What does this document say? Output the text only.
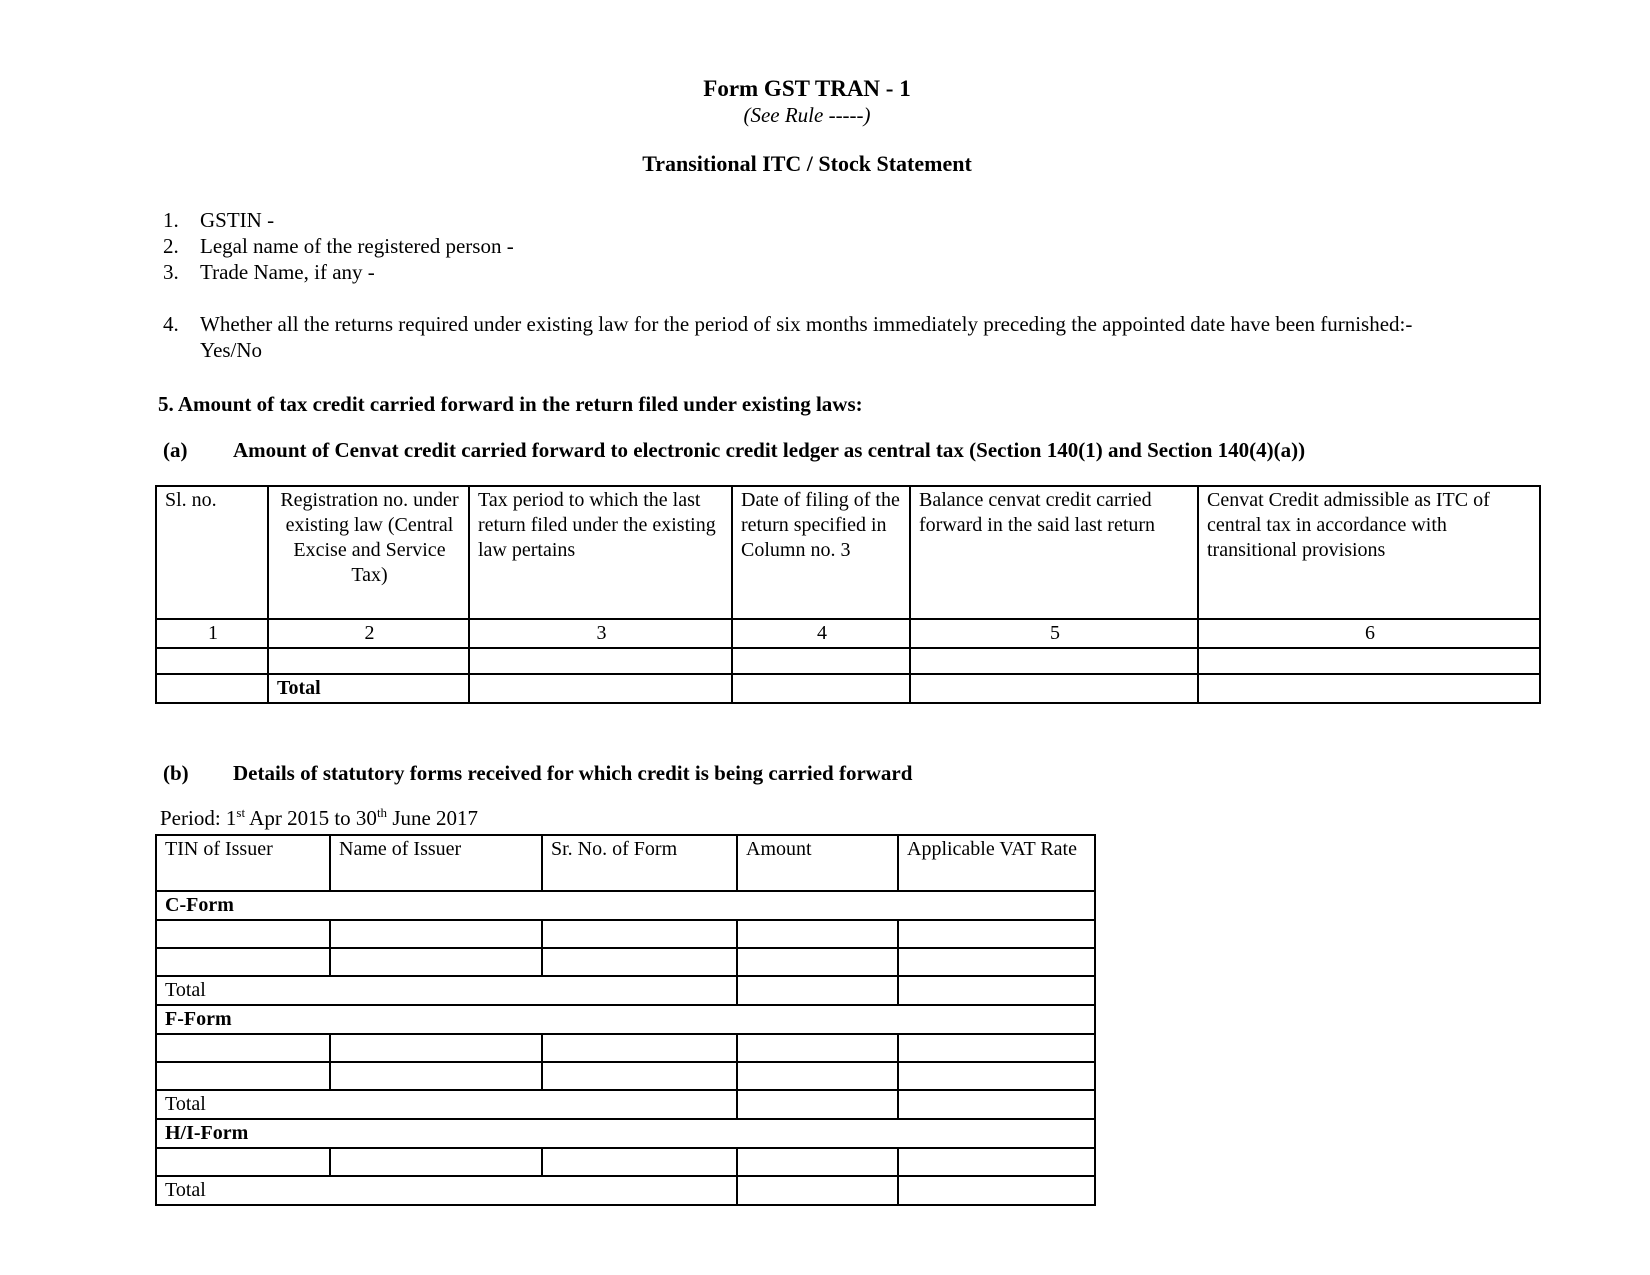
Form GST TRAN - 1
(See Rule -----)
Transitional ITC / Stock Statement
1.	GSTIN -
2.	Legal name of the registered person -
3.	Trade Name, if any -
4.	Whether all the returns required under existing law for the period of six months immediately preceding the appointed date have been furnished:-
Yes/No
5. Amount of tax credit carried forward in the return filed under existing laws:
(a)	Amount of Cenvat credit carried forward to electronic credit ledger as central tax (Section 140(1) and Section 140(4)(a))
Sl. no.	Registration no. under existing law (Central Excise and Service Tax)	Tax period to which the last return filed under the existing law pertains	Date of filing of the return specified in Column no. 3	Balance cenvat credit carried forward in the said last return	Cenvat Credit admissible as ITC of central tax in accordance with transitional provisions
1	2	3	4	5	6

	Total				
(b)	Details of statutory forms received for which credit is being carried forward
Period: 1st Apr 2015 to 30th June 2017
TIN of Issuer	Name of Issuer	Sr. No. of Form	Amount	Applicable VAT Rate
C-Form				

Total				
F-Form				

Total				
H/I-Form				

Total				
